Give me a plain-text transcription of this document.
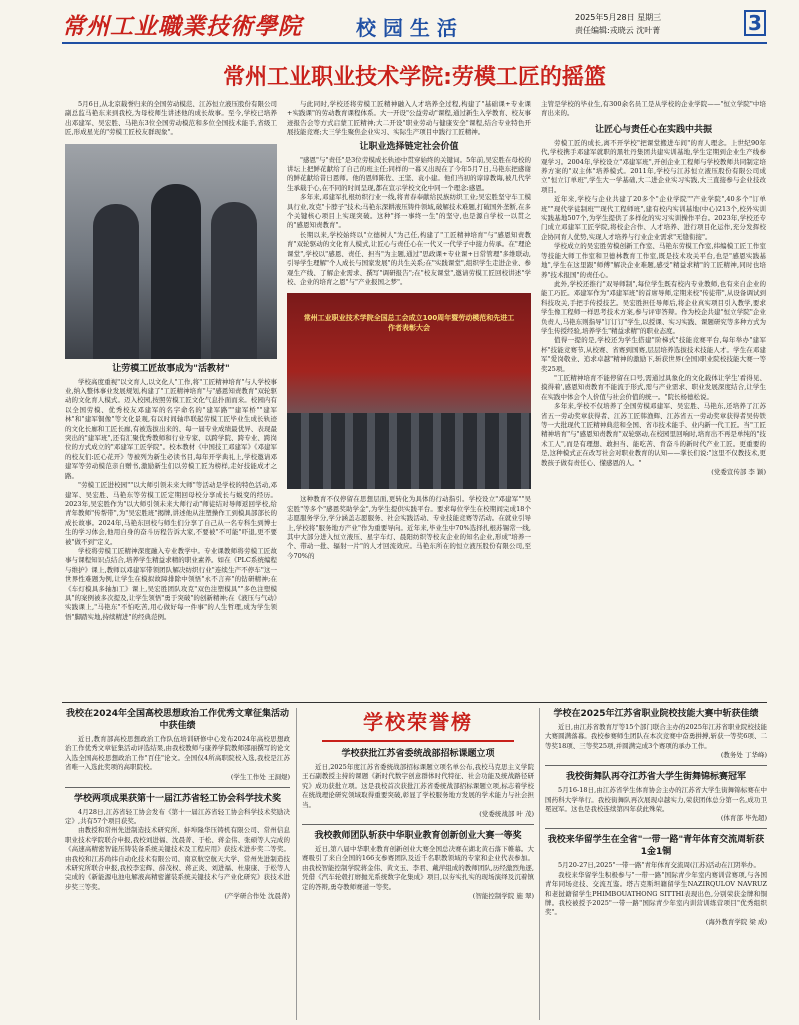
常州工业職業技術學院	校 园 生 活	2025年5月28日 星期三
责任编辑:戎晓云 沈叶菁	3
常州工业职业技术学院:劳模工匠的摇篮

5月6日,从北京载誉归来的全国劳动模范、江苏恒立液压股份有限公司副总监马艳东来到我校,为母校师生讲述他的成长故事。至今,学校已培养出邓建军、吴宏胜、马艳东3位全国劳动模范和多位全国技术能手,省级工匠,形成星光的"劳模工匠校友群现象"。

让劳模工匠故事成为"活教材"

学校高度重视"以文育人,以文化人"工作,将"工匠精神培育"与人学校事业,纳入整体事业发展规划,构建了"工匠精神培育"与"感恩知责教育"双轮驱动的文化育人模式。迈入校园,按照劳模工匠文化气息扑面而来。校园内有以全国劳模、优秀校友邓建军的名字命名的"建军路""建军桥""建军林"和"建军铜像"等文化景观,有以时间轴串联起劳模工匠毕业生成长轨迹的文化长廊和工匠长廊,有被选拔出来的、每一届专业成绩最优异、表现最突出的"建军班",还有汇聚优秀教师和行业专家、以跨学院、跨专业、跨岗位的方式成立的"邓建军工匠学院"。校本教材《中国技工邓建军》《邓建军的校友们:匠心花开》等被列为新生必读书目,每年开学典礼上,学校邀请邓建军等劳动模范亲自赠书,激励新生们以劳模工匠为榜样,走好技能成才之路。

"劳模工匠进校园""以大师引领未来大师"等活动是学校的特色活动,邓建军、吴宏胜、马艳东等劳模工匠定期回母校分享成长与蜕变的经历。2023年,吴宏胜作为"以大师引领未来大师行动"师徒结对导师返回学校,给青年教师"传帮带",为"吴宏胜班"揭牌,讲述他从注塑操作工到模具部部长的成长故事。2024年,马艳东回校与师生们分享了自己从一名专科生到博士生的学习体会,他用自身的奋斗历程告诉大家,不要被"不可能"吓退,更不要被"做不到"定义。

学校将劳模工匠精神深度融入专业教学中。专业课教师将劳模工匠故事与课程知识点结合,培养学生精益求精的职业素养。如在《PLC系统编程与维护》课上,教师以邓建军带领团队解决纺织行业"连续生产不停车"这一世界性难题为例,让学生在模拟故障排除中领悟"永不言弃"的钻研精神;在《车灯模具多轴加工》课上,吴宏胜团队攻克"双色注塑模具""多色注塑模具"的案例被多次提及,让学生领悟"勇于突破"的创新精神;在《液压与气动》实践课上,"马艳东"不怕吃苦,用心做好每一件事"的人生哲理,成为学生领悟"脚踏实地,持续精进"的经典范例。

与此同时,学校还将劳模工匠精神融入人才培养全过程,构建了"基础课+专业课+实践课"的劳动教育课程体系。大一开设"公益劳动"课程,通过新生入学教育、校友事迹报告会等方式启蒙工匠精神;大二开设"职业劳动与健康安全"课程,结合专业特色开展技能竞赛;大三学生聚焦企业实习、实际生产项目中践行工匠精神。

让职业选择链定社会价值

"感恩"与"责任"是3位劳模成长轨迹中贯穿始终的关键词。5年前,吴宏胜在母校的讲坛上把鲜花献给了自己的班主任;同样的一幕又出现在了今年5月7日,马艳东把感谢的鲜花献给昔日恩师。他的恩师陈佐、王坚、袁小建。他们当初的谆谆教诲,被几代学生承载于心,在不同的时间呈现,都在宣示学校文化中同一个理念:感恩。

多年来,邓建军扎根纺织行业一线,将青春奉献给民族纺织工业;吴宏胜坚守车工模具行业,攻克"卡脖子"技术;马艳东深耕液压铸件领域,破解技术难题,打破国外垄断,在多个关键核心项目上实现突破。这种"择一事终一生"的坚守,也是源自学校一以贯之的"感恩知责教育"。

长期以来,学校始终以"立德树人"为己任,构建了"工匠精神培育"与"感恩知责教育"双轮驱动的文化育人模式,让匠心与责任心在一代又一代学子中接力传承。在"理论课堂",学校以"感恩、责任、担当"为主题,通过"思政课+专业课+日常管理"多维联动,引导学生理解"个人成长与国家发展"的共生关系;在"实践课堂",组织学生走进企业、参观生产线、了解企业需求、撰写"调研报告";在"校友课堂",邀请劳模工匠回校讲述"学校、企业的培育之恩"与"产业报国之梦"。

常州工业职业技术学院全国总工会成立100周年暨劳动模范和先进工作者表彰大会

这种教育不仅停留在思想层面,更转化为具体的行动指引。学校设立"邓建军""吴宏胜"等多个"感恩奖助学金",为学生提供实践平台。要求每位学生在校期间完成18个志愿服务学分,学分涵盖志愿服务、社会实践活动、专业技能竞赛等活动。在就业引导上,学校将"服务地方产业"作为重要导向。近年来,毕业生中70%选择扎根苏锡常一线,其中大部分进入恒立液压、星宇车灯、晨阳纺织等校友企业的知名企业,形成"培养一个、带动一批、辐射一片"的人才回流效应。马艳东所在的恒立液压股份有限公司,至今70%的

主管是学校的毕业生,有300余名员工是从学校的企业学院——"恒立学院"中培育出来的。

让匠心与责任心在实践中共振

劳模工匠的成长,离不开学校"把课堂搬进车间"的育人理念。上世纪90年代,学校携手邓建军就职的黑牡丹集团共建实训基地,学生定期到企业生产线参观学习。2004年,学校设立"邓建军班",开创企业工程师与学校教师共同制定培养方案的"双主体"培养模式。2011年,学校与江苏恒立液压股份有限公司成立"恒立订单班",学生大一学基础,大二进企业实习实践,大三直接参与企业技改项目。

近年来,学校与企业共建了20多个"企业学院""产业学院",40多个"订单班""现代学徒制班""现代工程师班",建有校内实训基地(中心)213个,校外实训实践基地507个,为学生提供了多样化的实习实训操作平台。2023年,学校还专门成立邓建军工匠学院,将校企合作、人才培养、进行项目化运作,充分发挥校企协同育人优势,实现人才培养与行业企业需求"无缝衔接"。

学校成立的吴宏胜劳模创新工作室、马艳东劳模工作室,纬编模工匠工作室等技能大师工作室和卫德林教育工作室,既是技术攻关平台,也是"感恩实践基地",学生在这里跟"师傅"解决企业难题,感受"精益求精"的工匠精神,同时也培养"技术报国"的责任心。

此外,学校还推行"双导师制",每位学生既有校内专业教师,也有来自企业的能工巧匠。邓建军作为"邓建军班"的首席导师,定期来校"传徒带",从设备调试到科技攻关,手把手传授技艺。吴宏胜担任导师后,将企业真实项目引入教学,要求学生像工程师一样思考技术方案,参与评审答辩。作为校企共建"恒立学院"企业负责人,马艳东则指导"订订订"学生,以授课、实习实践、课题研究等多种方式为学生传授经验,培养学生"精益求精"的职业态度。

值得一提的是,学校还为学生搭建"阶梯式"技能竞赛平台,每年举办"建军杯"技能竞赛节,从校赛、省赛到国赛,层层培养选拔技术技能人才。学生在邓建军"爱岗敬业、追求卓越"精神的激励下,斩获世界(全国)职业院校技能大赛一等奖25项。

"工匠精神培育不能停留在口号,需通过具象化的文化载体让学生'看得见、摸得着',感恩知责教育不能流于形式,需与产业需求、职业发展深度结合,让学生在实践中体会个人价值与社会价值的统一。"院长杨德松说。

多年来,学校不仅培养了全国劳模邓建军、吴宏胜、马艳东,还培养了江苏省五一劳动奖章获得者、江苏工匠韩渔辉、江苏省五一劳动奖章获得者吴传铁等一大批现代工匠精神典范和全国、省市技术能手、业内新一代工匠。当"工匠精神培育"与"感恩知责教育"双轮驱动,在校园里回响时,培育出不再是单纯的"技术工人",而是有理想、敢担当、能吃苦、肯奋斗的新时代产业工匠。更重要的是,这种模式正在改写社会对职业教育的认知——掌长们说:"这里不仅教技术,更教孩子做有责任心、懂感恩的人。"

(党委宣传部 李 颖)
我校在2024年全国高校思想政治工作优秀文章征集活动中获佳绩

近日,教育部高校思想政治工作队伍培训研修中心发布2024年高校思想政治工作优秀文章征集活动评选结果,由我校教师与康养学院教师邵丽撰写的论文入选全国高校思想政治工作"百佳"论文。全国仅4所高职院校入选,我校是江苏省唯一入选此奖项的高职院校。

(学生工作处 王洞煜)
学校两项成果获第十一届江苏省轻工协会科学技术奖

4月28日,江苏省轻工协会发布《第十一届江苏省轻工协会科学技术奖励决定》,共有57个项目获奖。

由教授和常州先进制造技术研究所、蚌埠隆华压铸机有限公司、常州信息职业技术学院联合申报,我校刘进福、沈晨菁、于松、蒋金伟、张硕等人完成的《高速高精密智能压铸装备系统关键技术及工程应用》获技术进步奖二等奖。由我校和江苏尚纬自动化技术有限公司、南京航空航天大学、常州先进制造技术研究所联合申报,我校李宏辉、薛茂权、蒋正炎、刘进福、杜康康、于松等人完成的《新能源电池电解液高精密灌装系统关键技术与产业化研究》获技术进步奖三等奖。

(产学研合作处 沈晨菁)
学校荣誉榜
学校获批江苏省委统战部招标课题立项

近日,2025年度江苏省委统战部招标课题立项名单公布,我校马克思主义学院王石副教授主持的课题《新时代数字创意群体时代特征、社会功能及统战路径研究》成功获批立项。这是我校首次获批江苏省委统战部招标课题立项,标志着学校在统战理论研究领域取得重要突破,彰显了学校服务地方发展的学术能力与社会担当。

(党委统战部 叶 茂)
我校教师团队斩获中华职业教育创新创业大赛一等奖

近日,第八届中华职业教育创新创业大赛全国总决赛在湖北黄石落下帷幕。大赛吸引了来自全国的166支参赛团队及近千名职教领域的专家和企业代表参加。由我校智能控制学院蒋金伟、黄文玉、李君、戴萍组成的教师团队,历经激烈角逐,凭借《汽车轮毂打磨抛光系统数字化集成》项目,以夯实扎实的现场演绎及沉着镇定的答辩,勇夺教师赛道一等奖。

(智能控制学院 施 翠)
学校在2025年江苏省职业院校技能大赛中斩获佳绩

近日,由江苏省教育厅等15个部门联合主办的2025年江苏省职业院校技能大赛圆满落幕。我校参赛师生团队在本次竞赛中奋勇拼搏,斩获一等奖6项、二等奖18项、三等奖25项,并圆满完成3个赛项的承办工作。

(教务处 丁华峰)
我校街舞队再夺江苏省大学生街舞锦标赛冠军

5月16-18日,由江苏省学生体育协会主办的江苏省大学生街舞锦标赛在中国药科大学举行。我校街舞队再次展现卓越实力,荣获团体总分第一名,成功卫冕冠军。这也是我校连续第四年获此殊荣。

(体育部 毕先超)
我校来华留学生在全省"一带一路"青年体育交流周斩获1金1铜

5月20-27日,2025"一带一路"青年体育交流周(江苏)活动在江阴举办。

我校来华留学生积极参与"一带一路"国际青少年室内赛训营赛项,与各国青年同场竞技、交流互鉴。塔吉克斯坦籍留学生NAZIRQULOV NAVRUZ和老挝籍留学生PHIMBOUATHONG SITTHI表现出色,分别荣获金牌和铜牌。我校被授予2025"一带一路"国际青少年室内训营训练营项目"优秀组织奖"。

(海外教育学院 梁 成)
